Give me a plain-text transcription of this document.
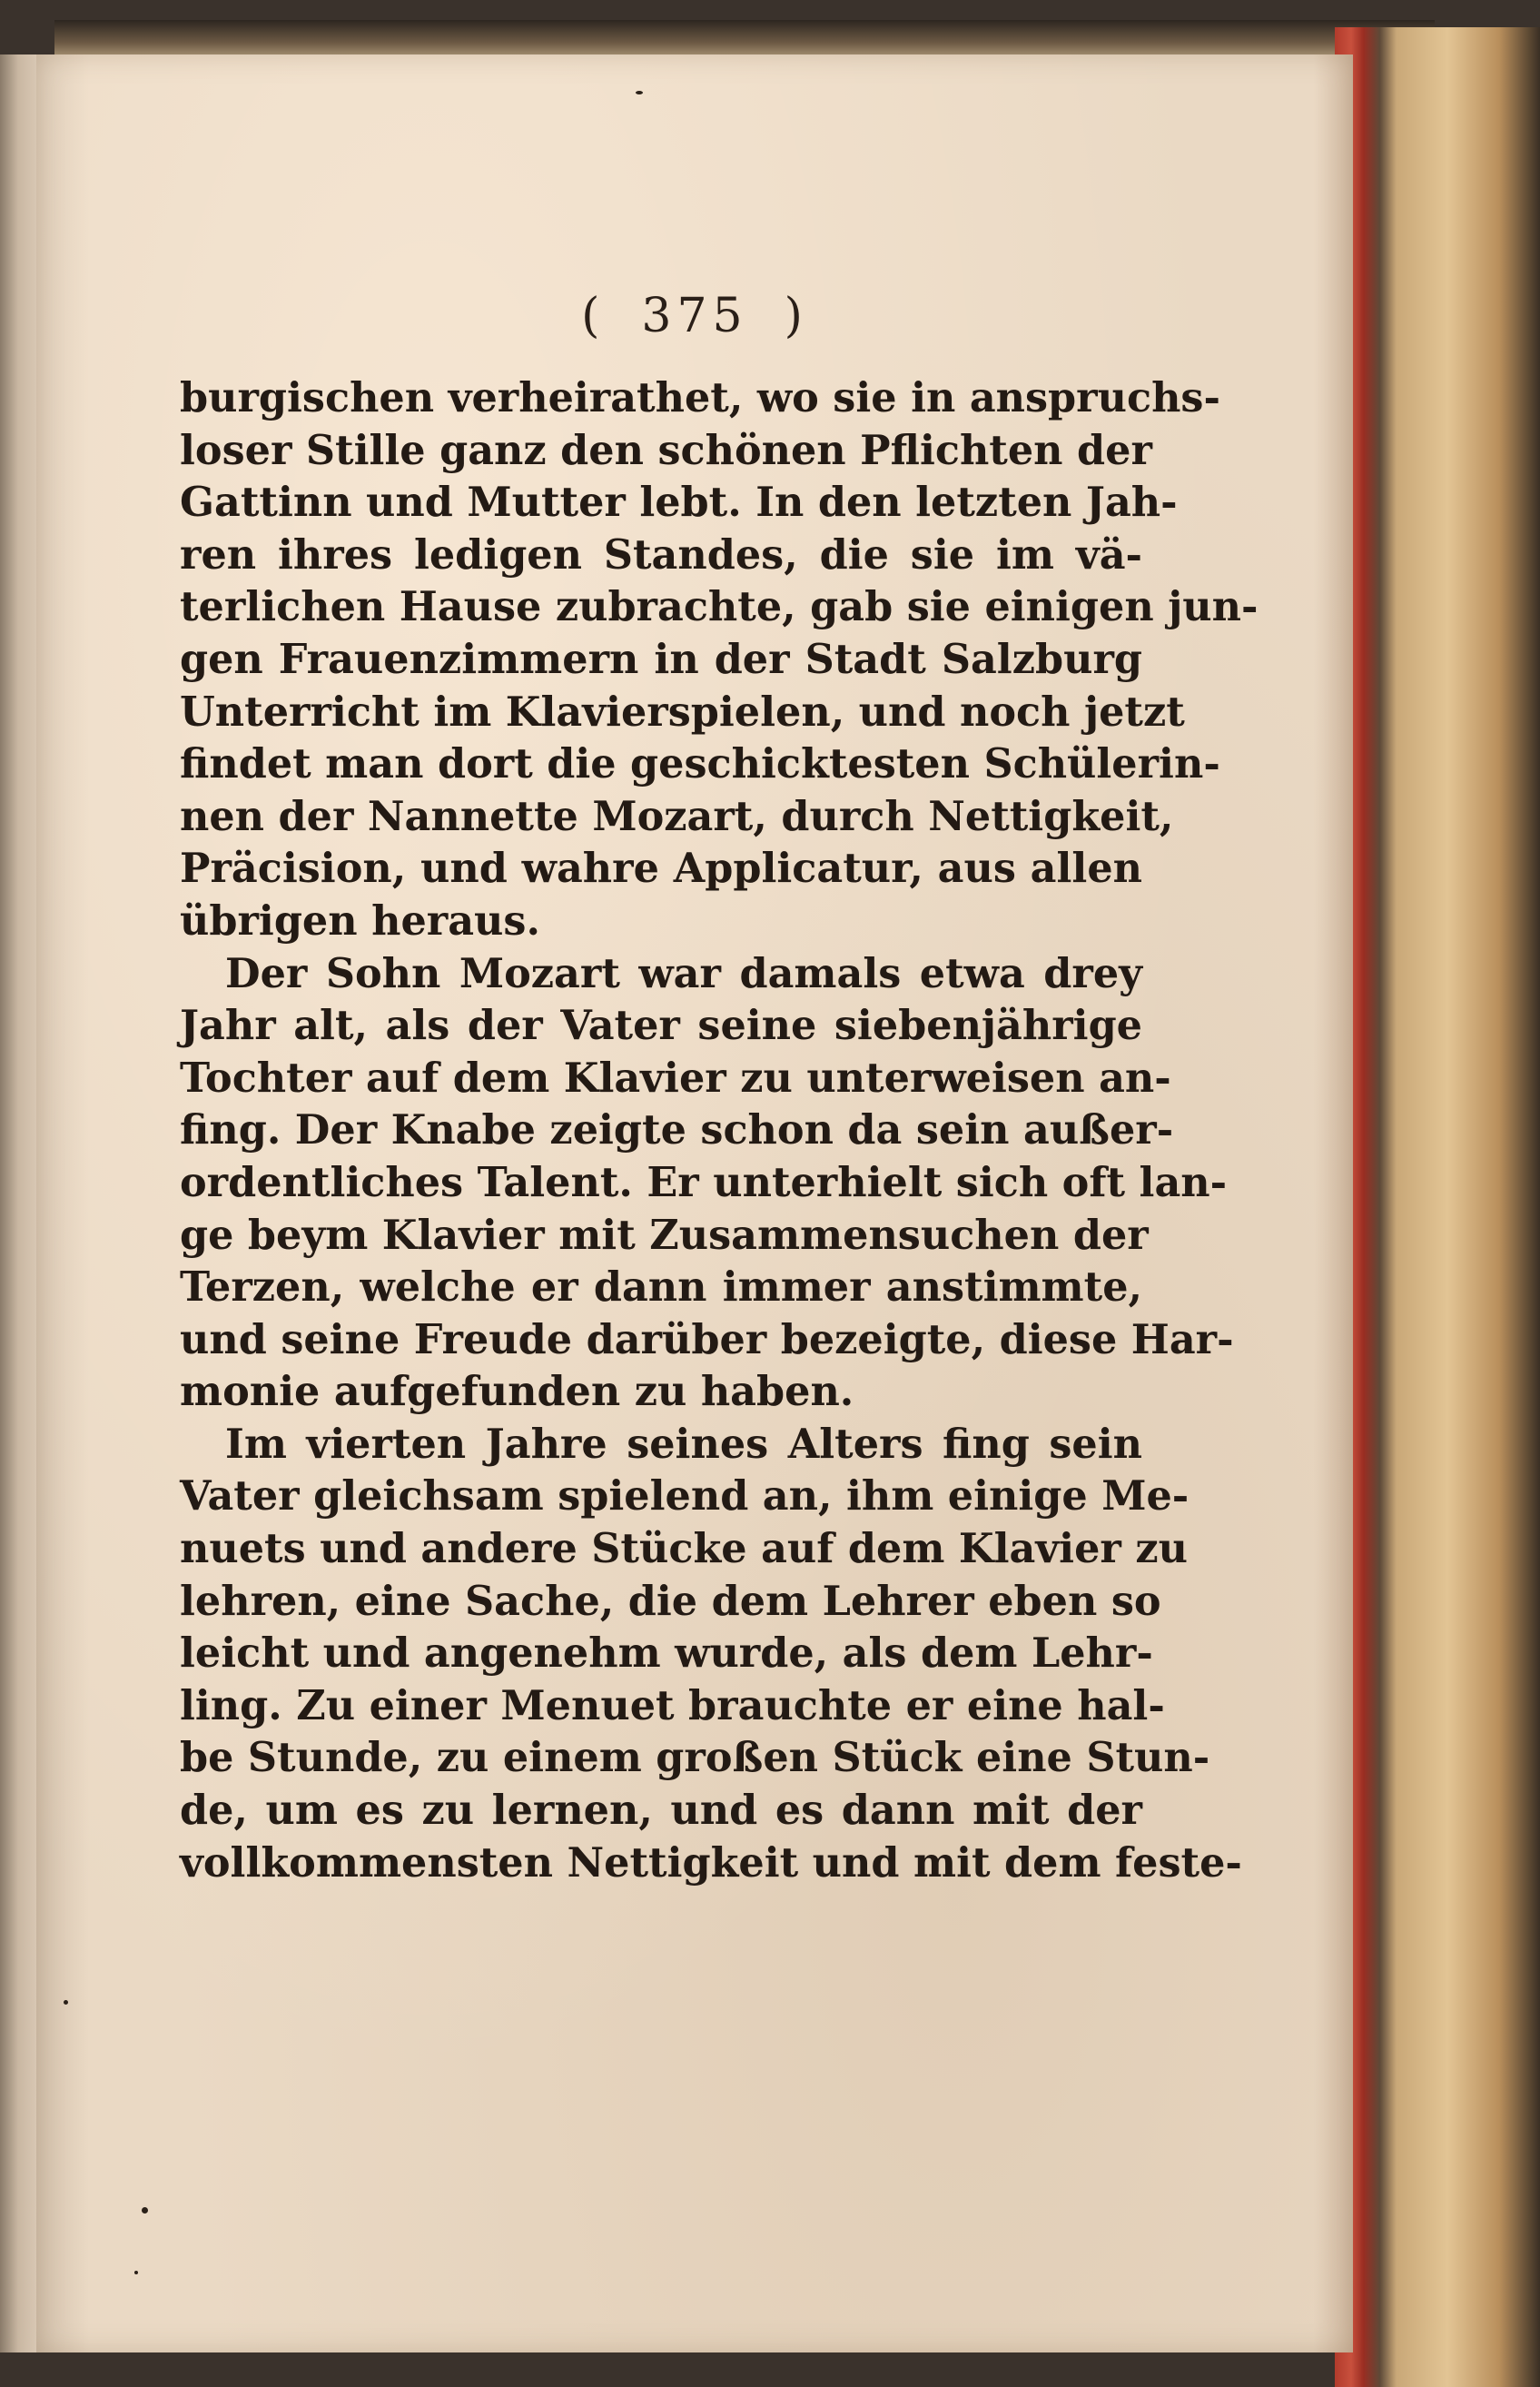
( 375 )
burgischen verheirathet, wo sie in anspruchs-
loser Stille ganz den schönen Pflichten der
Gattinn und Mutter lebt. In den letzten Jah-
ren ihres ledigen Standes, die sie im vä-
terlichen Hause zubrachte, gab sie einigen jun-
gen Frauenzimmern in der Stadt Salzburg
Unterricht im Klavierspielen, und noch jetzt
findet man dort die geschicktesten Schülerin-
nen der Nannette Mozart, durch Nettigkeit,
Präcision, und wahre Applicatur, aus allen
übrigen heraus.
Der Sohn Mozart war damals etwa drey
Jahr alt, als der Vater seine siebenjährige
Tochter auf dem Klavier zu unterweisen an-
fing. Der Knabe zeigte schon da sein außer-
ordentliches Talent. Er unterhielt sich oft lan-
ge beym Klavier mit Zusammensuchen der
Terzen, welche er dann immer anstimmte,
und seine Freude darüber bezeigte, diese Har-
monie aufgefunden zu haben.
Im vierten Jahre seines Alters fing sein
Vater gleichsam spielend an, ihm einige Me-
nuets und andere Stücke auf dem Klavier zu
lehren, eine Sache, die dem Lehrer eben so
leicht und angenehm wurde, als dem Lehr-
ling. Zu einer Menuet brauchte er eine hal-
be Stunde, zu einem großen Stück eine Stun-
de, um es zu lernen, und es dann mit der
vollkommensten Nettigkeit und mit dem feste-
